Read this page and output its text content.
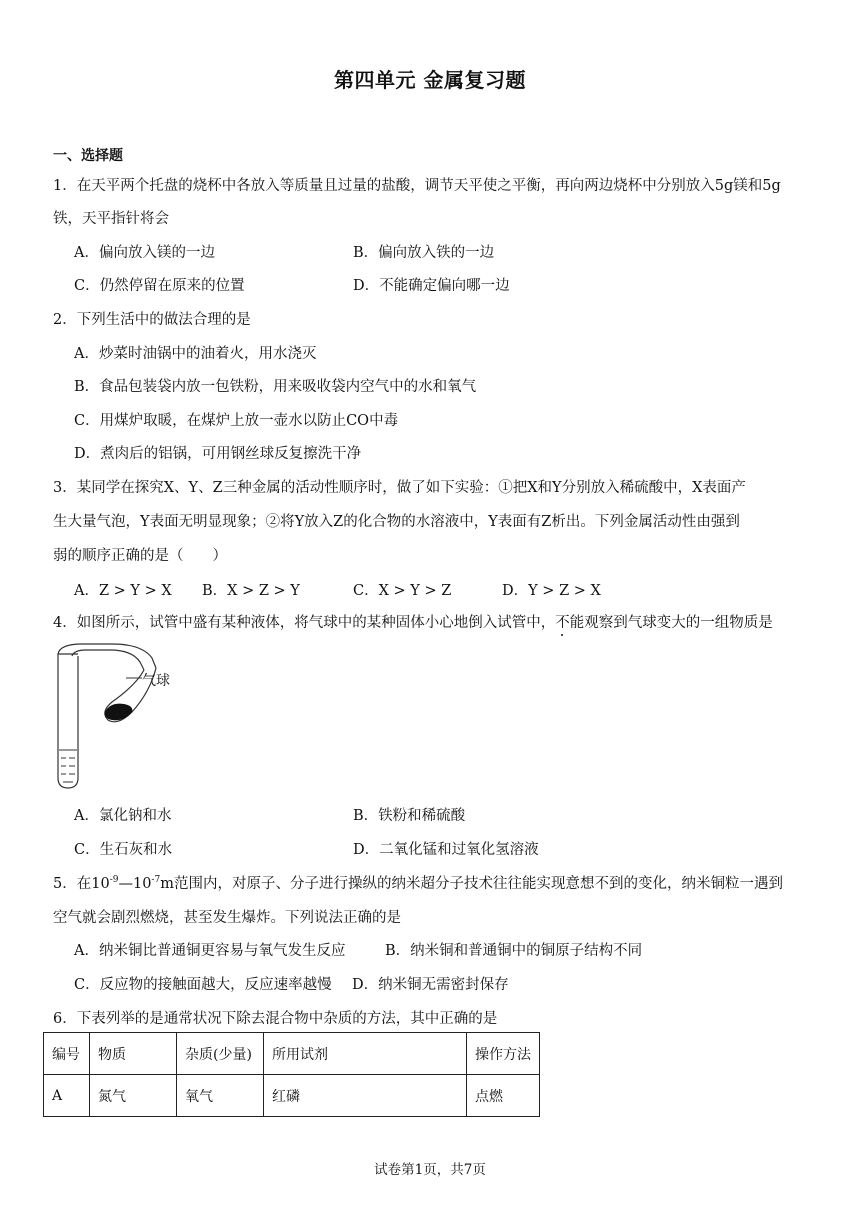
第四单元 金属复习题
一、选择题
1．在天平两个托盘的烧杯中各放入等质量且过量的盐酸，调节天平使之平衡，再向两边烧杯中分别放入5g镁和5g
铁，天平指针将会
A．偏向放入镁的一边	B．偏向放入铁的一边
C．仍然停留在原来的位置	D．不能确定偏向哪一边
2．下列生活中的做法合理的是
A．炒菜时油锅中的油着火，用水浇灭
B．食品包装袋内放一包铁粉，用来吸收袋内空气中的水和氧气
C．用煤炉取暖，在煤炉上放一壶水以防止CO中毒
D．煮肉后的铝锅，可用钢丝球反复擦洗干净
3．某同学在探究X、Y、Z三种金属的活动性顺序时，做了如下实验：①把X和Y分别放入稀硫酸中，X表面产
生大量气泡，Y表面无明显现象；②将Y放入Z的化合物的水溶液中，Y表面有Z析出。下列金属活动性由强到
弱的顺序正确的是（　　）
A．Z > Y > X B．X > Z > Y	C．X > Y > Z	D．Y > Z > X
4．如图所示，试管中盛有某种液体，将气球中的某种固体小心地倒入试管中，不能观察到气球变大的一组物质是
气球
A．氯化钠和水	B．铁粉和稀硫酸
C．生石灰和水	D．二氧化锰和过氧化氢溶液
5．在$10^{-9}—10^{-7}m$范围内，对原子、分子进行操纵的纳米超分子技术往往能实现意想不到的变化，纳米铜粒一遇到
空气就会剧烈燃烧，甚至发生爆炸。下列说法正确的是
A．纳米铜比普通铜更容易与氧气发生反应	B．纳米铜和普通铜中的铜原子结构不同
C．反应物的接触面越大，反应速率越慢 D．纳米铜无需密封保存
6．下表列举的是通常状况下除去混合物中杂质的方法，其中正确的是
编号	物质	杂质(少量)	所用试剂	操作方法
A	氮气	氧气	红磷	点燃
试卷第1页，共7页
